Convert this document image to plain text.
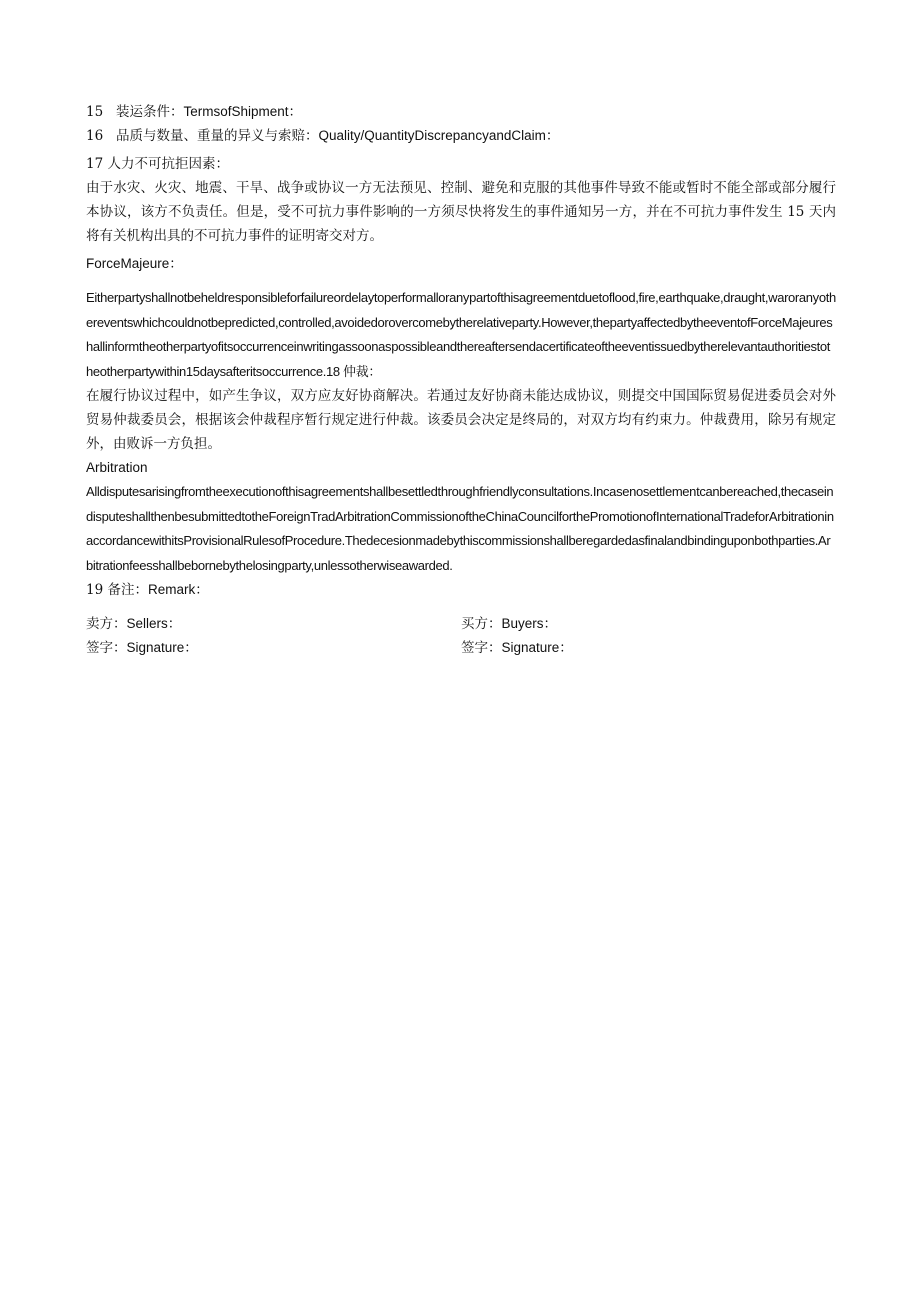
15 装运条件：TermsofShipment：
16 品质与数量、重量的异义与索赔：Quality/QuantityDiscrepancyandClaim：
17 人力不可抗拒因素：
由于水灾、火灾、地震、干旱、战争或协议一方无法预见、控制、避免和克服的其他事件导致不能或暂时不能全部或部分履行本协议，该方不负责任。但是，受不可抗力事件影响的一方须尽快将发生的事件通知另一方，并在不可抗力事件发生 15 天内将有关机构出具的不可抗力事件的证明寄交对方。
ForceMajeure：
Eitherpartyshallnotbeheldresponsibleforfailureordelaytoperformalloranypartofthisagreementduetoflood,fire,earthquake,draught,waroranyothereventswhichcouldnotbepredicted,controlled,avoidedorovercomebytherelativeparty.However,thepartyaffectedbytheeventofForceMajeureshallinformtheotherpartyofitsoccurrenceinwritingassoonaspossibleandthereaftersendacertificateoftheeventissuedbytherelevantauthoritiestotheotherpartywithin15daysafteritsoccurrence.18 仲裁：
在履行协议过程中，如产生争议，双方应友好协商解决。若通过友好协商未能达成协议，则提交中国国际贸易促进委员会对外贸易仲裁委员会，根据该会仲裁程序暂行规定进行仲裁。该委员会决定是终局的，对双方均有约束力。仲裁费用，除另有规定外，由败诉一方负担。
Arbitration
Alldisputesarisingfromtheexecutionofthisagreementshallbesettledthroughfriendlyconsultations.Incasenosettlementcanbereached,thecaseindisputeshallthenbesubmittedtotheForeignTradArbitrationCommissionoftheChinaCouncilforthePromotionofInternationalTradeforArbitrationinaccordancewithitsProvisionalRulesofProcedure.Thedecesionmadebythiscommissionshallberegardedasfinalandbindinguponbothparties.Arbitrationfeesshallbebornebythelosingparty,unlessotherwiseawarded.
19 备注：Remark：
卖方：Sellers：	买方：Buyers：
签字：Signature：	签字：Signature：
